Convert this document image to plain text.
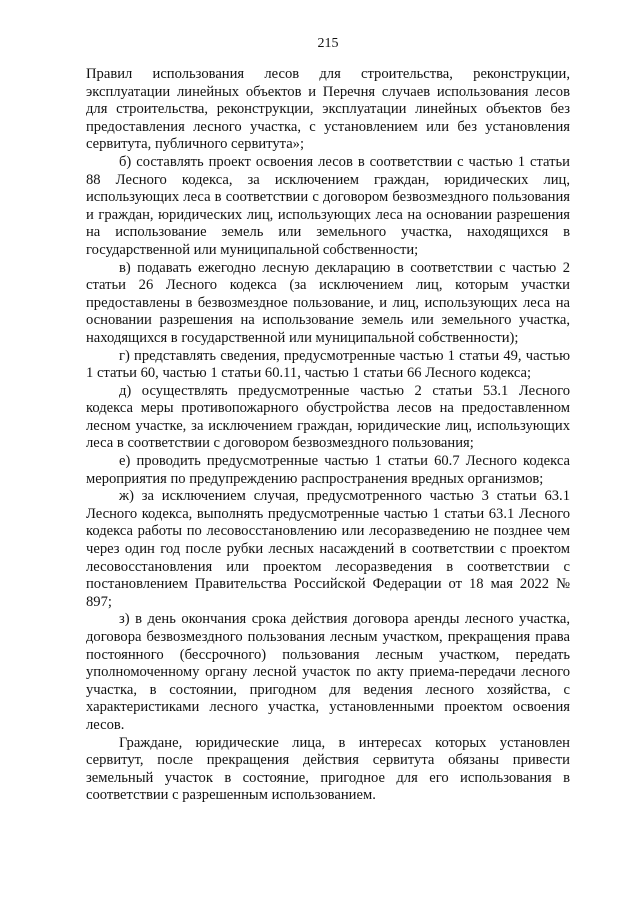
215

Правил использования лесов для строительства, реконструкции, эксплуатации линейных объектов и Перечня случаев использования лесов для строительства, реконструкции, эксплуатации линейных объектов без предоставления лесного участка, с установлением или без установления сервитута, публичного сервитута»;

б) составлять проект освоения лесов в соответствии с частью 1 статьи 88 Лесного кодекса, за исключением граждан, юридических лиц, использующих леса в соответствии с договором безвозмездного пользования и граждан, юридических лиц, использующих леса на основании разрешения на использование земель или земельного участка, находящихся в государственной или муниципальной собственности;

в) подавать ежегодно лесную декларацию в соответствии с частью 2 статьи 26 Лесного кодекса (за исключением лиц, которым участки предоставлены в безвозмездное пользование, и лиц, использующих леса на основании разрешения на использование земель или земельного участка, находящихся в государственной или муниципальной собственности);

г) представлять сведения, предусмотренные частью 1 статьи 49, частью 1 статьи 60, частью 1 статьи 60.11, частью 1 статьи 66 Лесного кодекса;

д) осуществлять предусмотренные частью 2 статьи 53.1 Лесного кодекса меры противопожарного обустройства лесов на предоставленном лесном участке, за исключением граждан, юридические лиц, использующих леса в соответствии с договором безвозмездного пользования;

е) проводить предусмотренные частью 1 статьи 60.7 Лесного кодекса мероприятия по предупреждению распространения вредных организмов;

ж) за исключением случая, предусмотренного частью 3 статьи 63.1 Лесного кодекса, выполнять предусмотренные частью 1 статьи 63.1 Лесного кодекса работы по лесовосстановлению или лесоразведению не позднее чем через один год после рубки лесных насаждений в соответствии с проектом лесовосстановления или проектом лесоразведения в соответствии с постановлением Правительства Российской Федерации от 18 мая 2022 № 897;

з) в день окончания срока действия договора аренды лесного участка, договора безвозмездного пользования лесным участком, прекращения права постоянного (бессрочного) пользования лесным участком, передать уполномоченному органу лесной участок по акту приема-передачи лесного участка, в состоянии, пригодном для ведения лесного хозяйства, с характеристиками лесного участка, установленными проектом освоения лесов.

Граждане, юридические лица, в интересах которых установлен сервитут, после прекращения действия сервитута обязаны привести земельный участок в состояние, пригодное для его использования в соответствии с разрешенным использованием.
